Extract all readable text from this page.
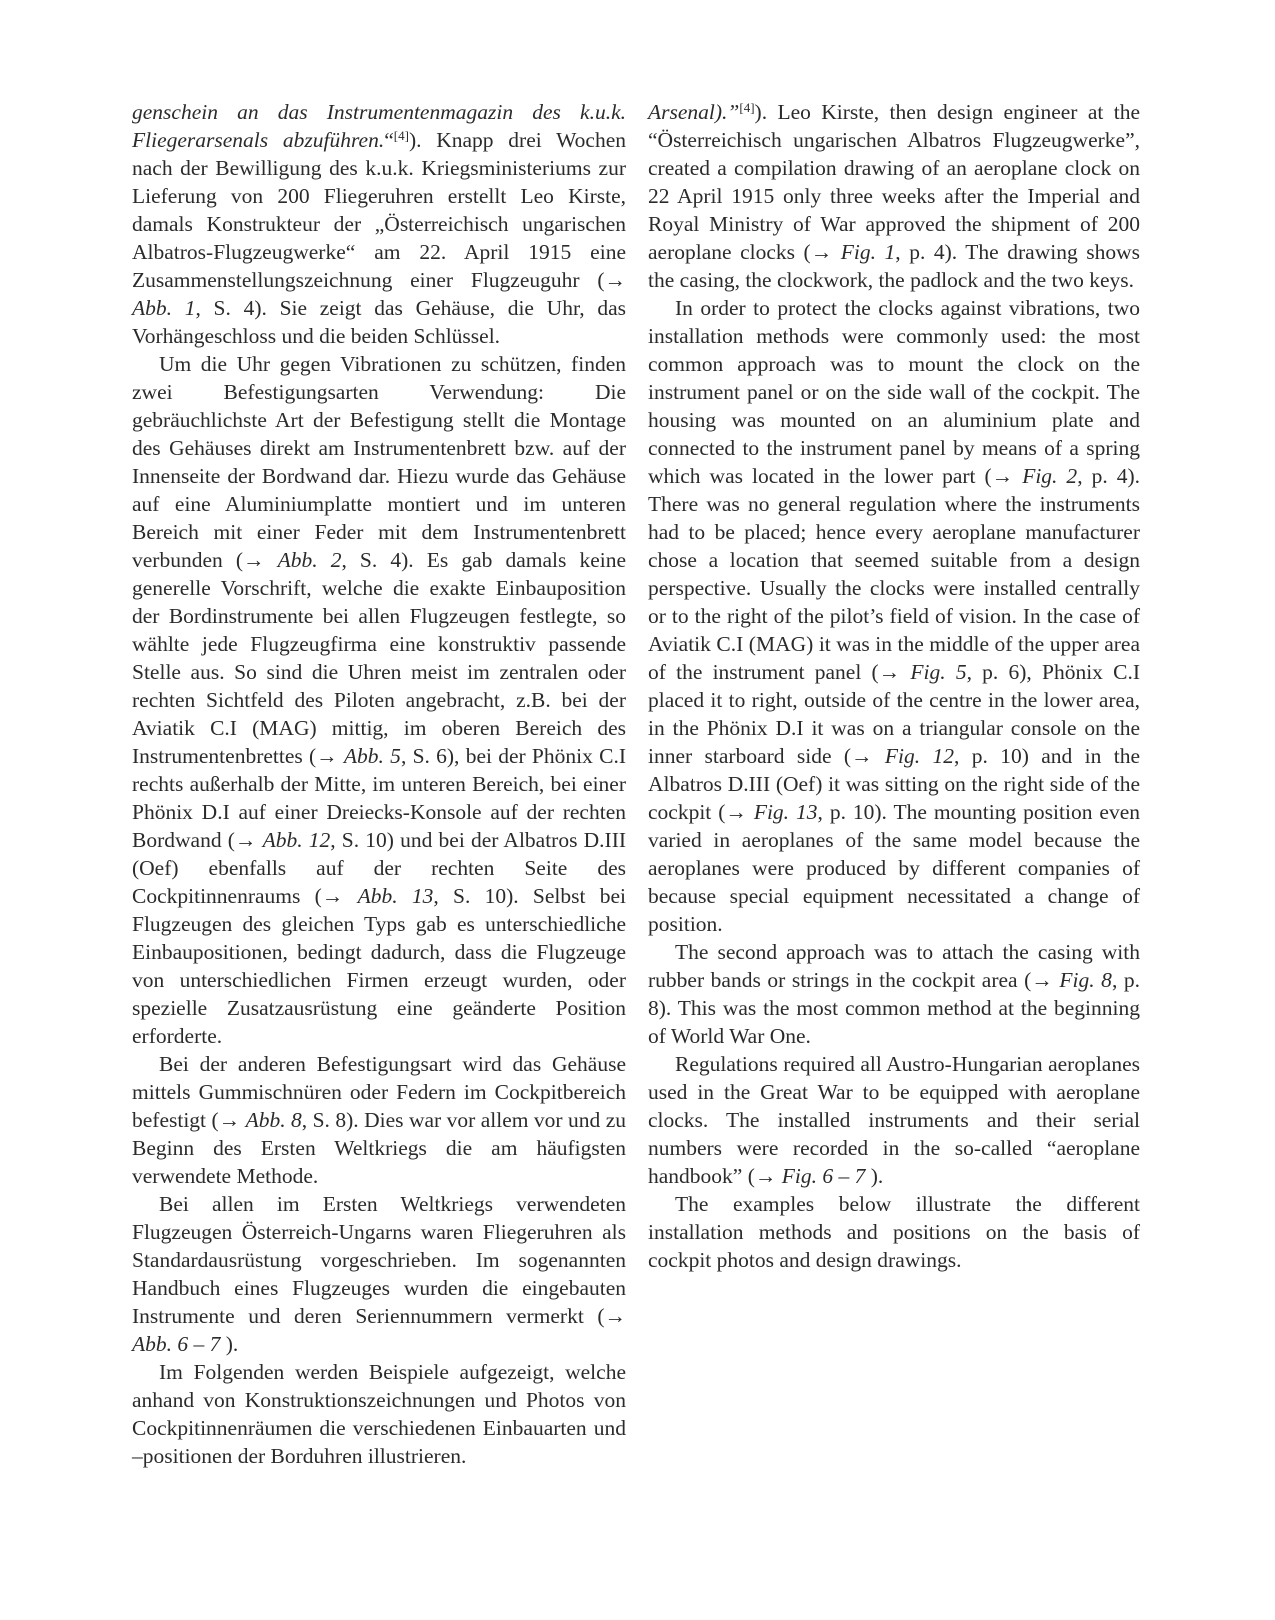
genschein an das Instrumentenmagazin des k.u.k. Fliegerarsenals abzuführen.“[4]). Knapp drei Wochen nach der Bewilligung des k.u.k. Kriegsministeriums zur Lieferung von 200 Fliegeruhren erstellt Leo Kirste, damals Konstrukteur der „Österreichisch ungarischen Albatros-Flugzeugwerke“ am 22. April 1915 eine Zusammenstellungszeichnung einer Flugzeuguhr (→ Abb. 1, S. 4). Sie zeigt das Gehäuse, die Uhr, das Vorhängeschloss und die beiden Schlüssel.

Um die Uhr gegen Vibrationen zu schützen, finden zwei Befestigungsarten Verwendung: Die gebräuchlichste Art der Befestigung stellt die Montage des Gehäuses direkt am Instrumentenbrett bzw. auf der Innenseite der Bordwand dar. Hiezu wurde das Gehäuse auf eine Aluminiumplatte montiert und im unteren Bereich mit einer Feder mit dem Instrumentenbrett verbunden (→ Abb. 2, S. 4). Es gab damals keine generelle Vorschrift, welche die exakte Einbauposition der Bordinstrumente bei allen Flugzeugen festlegte, so wählte jede Flugzeugfirma eine konstruktiv passende Stelle aus. So sind die Uhren meist im zentralen oder rechten Sichtfeld des Piloten angebracht, z.B. bei der Aviatik C.I (MAG) mittig, im oberen Bereich des Instrumentenbrettes (→ Abb. 5, S. 6), bei der Phönix C.I rechts außerhalb der Mitte, im unteren Bereich, bei einer Phönix D.I auf einer Dreiecks-Konsole auf der rechten Bordwand (→ Abb. 12, S. 10) und bei der Albatros D.III (Oef) ebenfalls auf der rechten Seite des Cockpitinnenraums (→ Abb. 13, S. 10). Selbst bei Flugzeugen des gleichen Typs gab es unterschiedliche Einbaupositionen, bedingt dadurch, dass die Flugzeuge von unterschiedlichen Firmen erzeugt wurden, oder spezielle Zusatzausrüstung eine geänderte Position erforderte.

Bei der anderen Befestigungsart wird das Gehäuse mittels Gummischnüren oder Federn im Cockpitbereich befestigt (→ Abb. 8, S. 8). Dies war vor allem vor und zu Beginn des Ersten Weltkriegs die am häufigsten verwendete Methode.

Bei allen im Ersten Weltkriegs verwendeten Flugzeugen Österreich-Ungarns waren Fliegeruhren als Standardausrüstung vorgeschrieben. Im sogenannten Handbuch eines Flugzeuges wurden die eingebauten Instrumente und deren Seriennummern vermerkt (→ Abb. 6 – 7 ).

Im Folgenden werden Beispiele aufgezeigt, welche anhand von Konstruktionszeichnungen und Photos von Cockpitinnenräumen die verschiedenen Einbauarten und –positionen der Borduhren illustrieren.

Arsenal).”[4]). Leo Kirste, then design engineer at the “Österreichisch ungarischen Albatros Flugzeugwerke”, created a compilation drawing of an aeroplane clock on 22 April 1915 only three weeks after the Imperial and Royal Ministry of War approved the shipment of 200 aeroplane clocks (→ Fig. 1, p. 4). The drawing shows the casing, the clockwork, the padlock and the two keys.

In order to protect the clocks against vibrations, two installation methods were commonly used: the most common approach was to mount the clock on the instrument panel or on the side wall of the cockpit. The housing was mounted on an aluminium plate and connected to the instrument panel by means of a spring which was located in the lower part (→ Fig. 2, p. 4). There was no general regulation where the instruments had to be placed; hence every aeroplane manufacturer chose a location that seemed suitable from a design perspective. Usually the clocks were installed centrally or to the right of the pilot’s field of vision. In the case of Aviatik C.I (MAG) it was in the middle of the upper area of the instrument panel (→ Fig. 5, p. 6), Phönix C.I placed it to right, outside of the centre in the lower area, in the Phönix D.I it was on a triangular console on the inner starboard side (→ Fig. 12, p. 10) and in the Albatros D.III (Oef) it was sitting on the right side of the cockpit (→ Fig. 13, p. 10). The mounting position even varied in aeroplanes of the same model because the aeroplanes were produced by different companies of because special equipment necessitated a change of position.

The second approach was to attach the casing with rubber bands or strings in the cockpit area (→ Fig. 8, p. 8). This was the most common method at the beginning of World War One.

Regulations required all Austro-Hungarian aeroplanes used in the Great War to be equipped with aeroplane clocks. The installed instruments and their serial numbers were recorded in the so-called “aeroplane handbook” (→ Fig. 6 – 7 ).

The examples below illustrate the different installation methods and positions on the basis of cockpit photos and design drawings.
